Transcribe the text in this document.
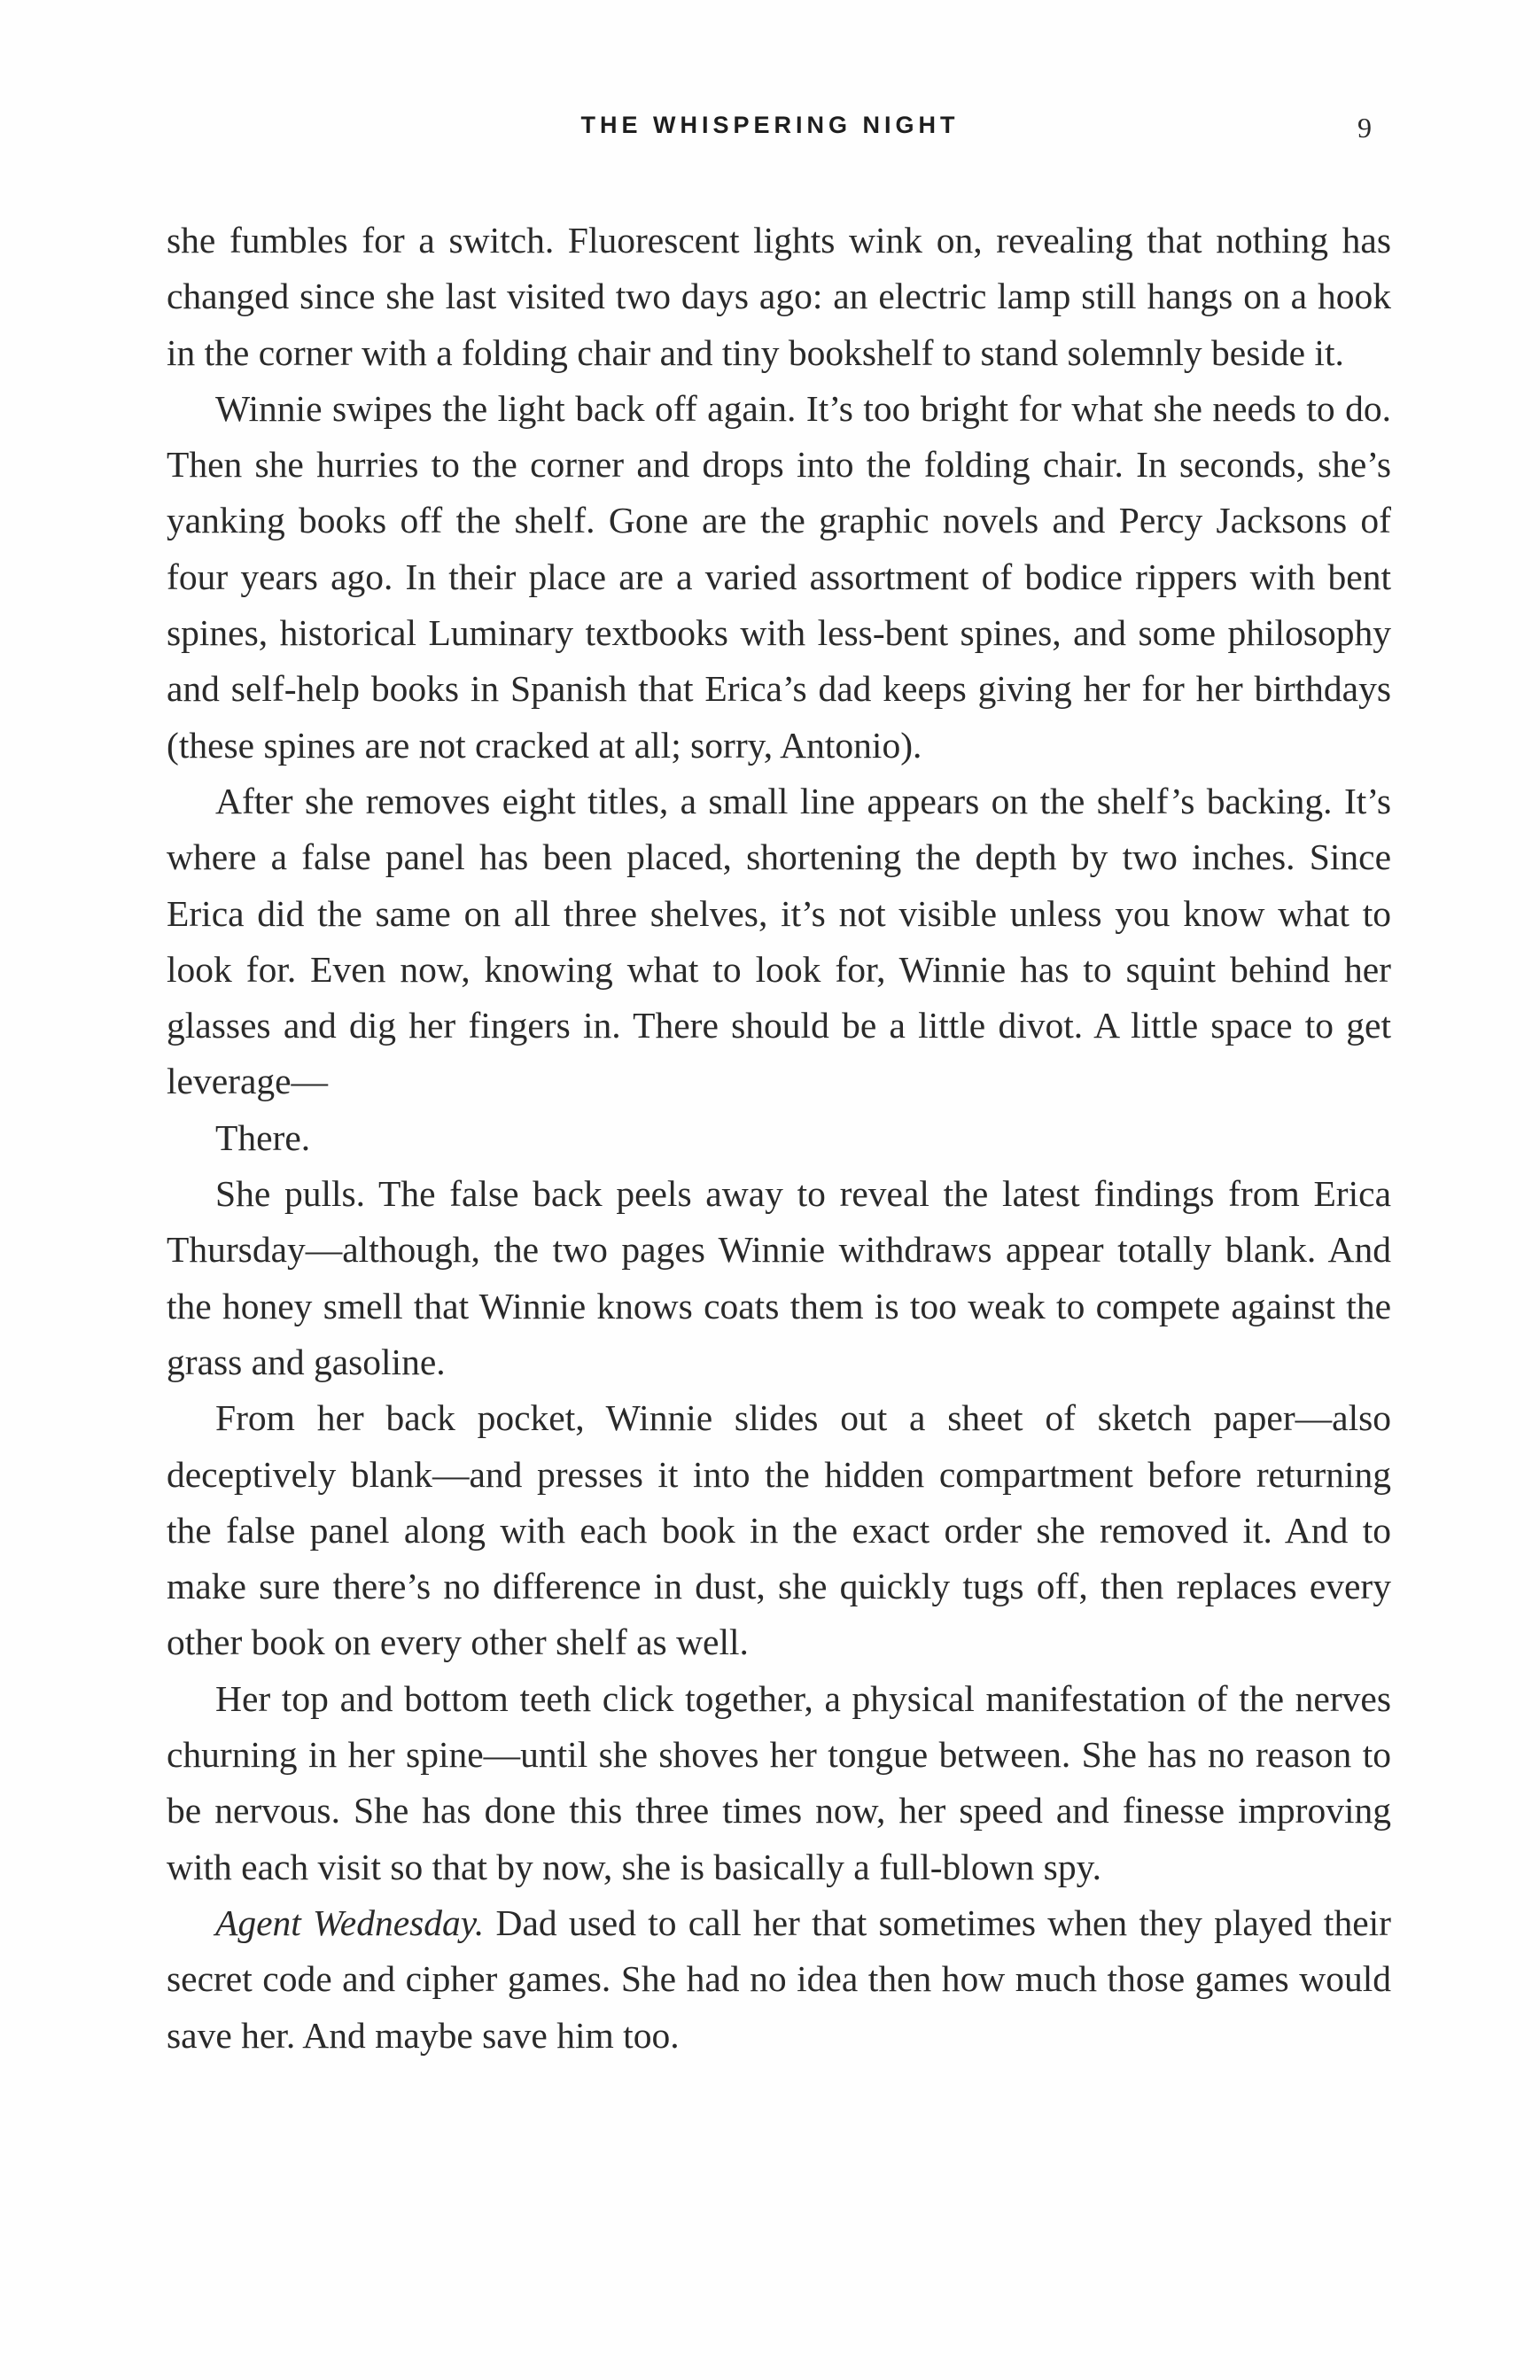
THE WHISPERING NIGHT	9

she fumbles for a switch. Fluorescent lights wink on, revealing that nothing has changed since she last visited two days ago: an electric lamp still hangs on a hook in the corner with a folding chair and tiny bookshelf to stand solemnly beside it.

Winnie swipes the light back off again. It’s too bright for what she needs to do. Then she hurries to the corner and drops into the folding chair. In seconds, she’s yanking books off the shelf. Gone are the graphic novels and Percy Jacksons of four years ago. In their place are a varied assortment of bodice rippers with bent spines, historical Luminary textbooks with less-bent spines, and some philosophy and self-help books in Spanish that Erica’s dad keeps giving her for her birthdays (these spines are not cracked at all; sorry, Antonio).

After she removes eight titles, a small line appears on the shelf’s backing. It’s where a false panel has been placed, shortening the depth by two inches. Since Erica did the same on all three shelves, it’s not visible unless you know what to look for. Even now, knowing what to look for, Winnie has to squint behind her glasses and dig her fingers in. There should be a little divot. A little space to get leverage—

There.

She pulls. The false back peels away to reveal the latest findings from Erica Thursday—although, the two pages Winnie withdraws appear totally blank. And the honey smell that Winnie knows coats them is too weak to compete against the grass and gasoline.

From her back pocket, Winnie slides out a sheet of sketch paper—also deceptively blank—and presses it into the hidden compartment before returning the false panel along with each book in the exact order she removed it. And to make sure there’s no difference in dust, she quickly tugs off, then replaces every other book on every other shelf as well.

Her top and bottom teeth click together, a physical manifestation of the nerves churning in her spine—until she shoves her tongue between. She has no reason to be nervous. She has done this three times now, her speed and finesse improving with each visit so that by now, she is basically a full-blown spy.

Agent Wednesday. Dad used to call her that sometimes when they played their secret code and cipher games. She had no idea then how much those games would save her. And maybe save him too.
